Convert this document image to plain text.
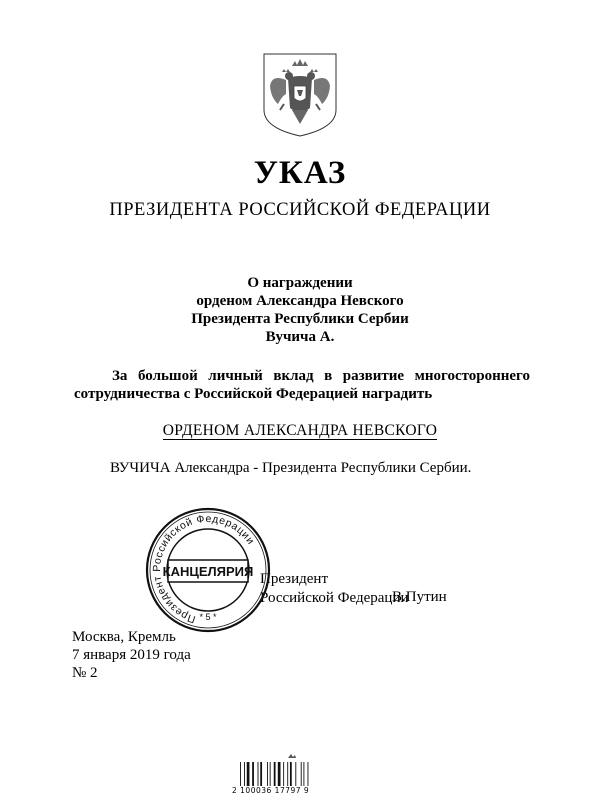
УКАЗ
ПРЕЗИДЕНТА РОССИЙСКОЙ ФЕДЕРАЦИИ
О награждении
орденом Александра Невского
Президента Республики Сербии
Вучича А.
За большой личный вклад в развитие многостороннего сотрудничества с Российской Федерацией наградить
ОРДЕНОМ АЛЕКСАНДРА НЕВСКОГО
ВУЧИЧА Александра - Президента Республики Сербии.
Президент
Российской Федерации
В.Путин
Президент Российской Федерации
КАНЦЕЛЯРИЯ
* 5 *
Москва, Кремль
7 января 2019 года
№ 2
2 100036 17797 9
